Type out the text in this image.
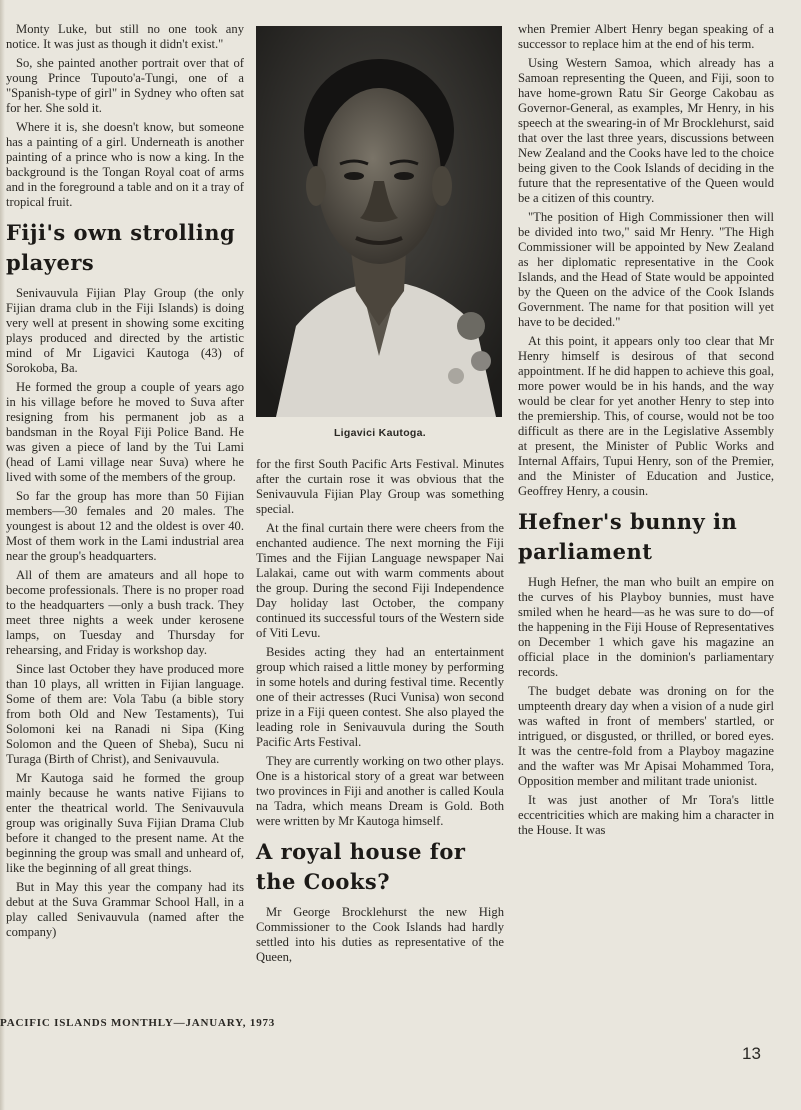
Monty Luke, but still no one took any notice. It was just as though it didn't exist."

So, she painted another portrait over that of young Prince Tupouto'a-Tungi, one of a "Spanish-type of girl" in Sydney who often sat for her. She sold it.

Where it is, she doesn't know, but someone has a painting of a girl. Underneath is another painting of a prince who is now a king. In the background is the Tongan Royal coat of arms and in the foreground a table and on it a tray of tropical fruit.

Fiji's own strolling players

Senivauvula Fijian Play Group (the only Fijian drama club in the Fiji Islands) is doing very well at present in showing some exciting plays produced and directed by the artistic mind of Mr Ligavici Kautoga (43) of Sorokoba, Ba.

He formed the group a couple of years ago in his village before he moved to Suva after resigning from his permanent job as a bandsman in the Royal Fiji Police Band. He was given a piece of land by the Tui Lami (head of Lami village near Suva) where he lived with some of the members of the group.

So far the group has more than 50 Fijian members—30 females and 20 males. The youngest is about 12 and the oldest is over 40. Most of them work in the Lami industrial area near the group's headquarters.

All of them are amateurs and all hope to become professionals. There is no proper road to the headquarters —only a bush track. They meet three nights a week under kerosene lamps, on Tuesday and Thursday for rehearsing, and Friday is workshop day.

Since last October they have produced more than 10 plays, all written in Fijian language. Some of them are: Vola Tabu (a bible story from both Old and New Testaments), Tui Solomoni kei na Ranadi ni Sipa (King Solomon and the Queen of Sheba), Sucu ni Turaga (Birth of Christ), and Senivauvula.

Mr Kautoga said he formed the group mainly because he wants native Fijians to enter the theatrical world. The Senivauvula group was originally Suva Fijian Drama Club before it changed to the present name. At the beginning the group was small and unheard of, like the beginning of all great things.

But in May this year the company had its debut at the Suva Grammar School Hall, in a play called Senivauvula (named after the company)

Ligavici Kautoga.

for the first South Pacific Arts Festival. Minutes after the curtain rose it was obvious that the Senivauvula Fijian Play Group was something special.

At the final curtain there were cheers from the enchanted audience. The next morning the Fiji Times and the Fijian Language newspaper Nai Lalakai, came out with warm comments about the group. During the second Fiji Independence Day holiday last October, the company continued its successful tours of the Western side of Viti Levu.

Besides acting they had an entertainment group which raised a little money by performing in some hotels and during festival time. Recently one of their actresses (Ruci Vunisa) won second prize in a Fiji queen contest. She also played the leading role in Senivauvula during the South Pacific Arts Festival.

They are currently working on two other plays. One is a historical story of a great war between two provinces in Fiji and another is called Koula na Tadra, which means Dream is Gold. Both were written by Mr Kautoga himself.

A royal house for the Cooks?

Mr George Brocklehurst the new High Commissioner to the Cook Islands had hardly settled into his duties as representative of the Queen,

when Premier Albert Henry began speaking of a successor to replace him at the end of his term.

Using Western Samoa, which already has a Samoan representing the Queen, and Fiji, soon to have home-grown Ratu Sir George Cakobau as Governor-General, as examples, Mr Henry, in his speech at the swearing-in of Mr Brocklehurst, said that over the last three years, discussions between New Zealand and the Cooks have led to the choice being given to the Cook Islands of deciding in the future that the representative of the Queen would be a citizen of this country.

"The position of High Commissioner then will be divided into two," said Mr Henry. "The High Commissioner will be appointed by New Zealand as her diplomatic representative in the Cook Islands, and the Head of State would be appointed by the Queen on the advice of the Cook Islands Government. The name for that position will yet have to be decided."

At this point, it appears only too clear that Mr Henry himself is desirous of that second appointment. If he did happen to achieve this goal, more power would be in his hands, and the way would be clear for yet another Henry to step into the premiership. This, of course, would not be too difficult as there are in the Legislative Assembly at present, the Minister of Public Works and Internal Affairs, Tupui Henry, son of the Premier, and the Minister of Education and Justice, Geoffrey Henry, a cousin.

Hefner's bunny in parliament

Hugh Hefner, the man who built an empire on the curves of his Playboy bunnies, must have smiled when he heard—as he was sure to do—of the happening in the Fiji House of Representatives on December 1 which gave his magazine an official place in the dominion's parliamentary records.

The budget debate was droning on for the umpteenth dreary day when a vision of a nude girl was wafted in front of members' startled, or intrigued, or disgusted, or thrilled, or bored eyes. It was the centre-fold from a Playboy magazine and the wafter was Mr Apisai Mohammed Tora, Opposition member and militant trade unionist.

It was just another of Mr Tora's little eccentricities which are making him a character in the House. It was

PACIFIC ISLANDS MONTHLY—JANUARY, 1973
13
